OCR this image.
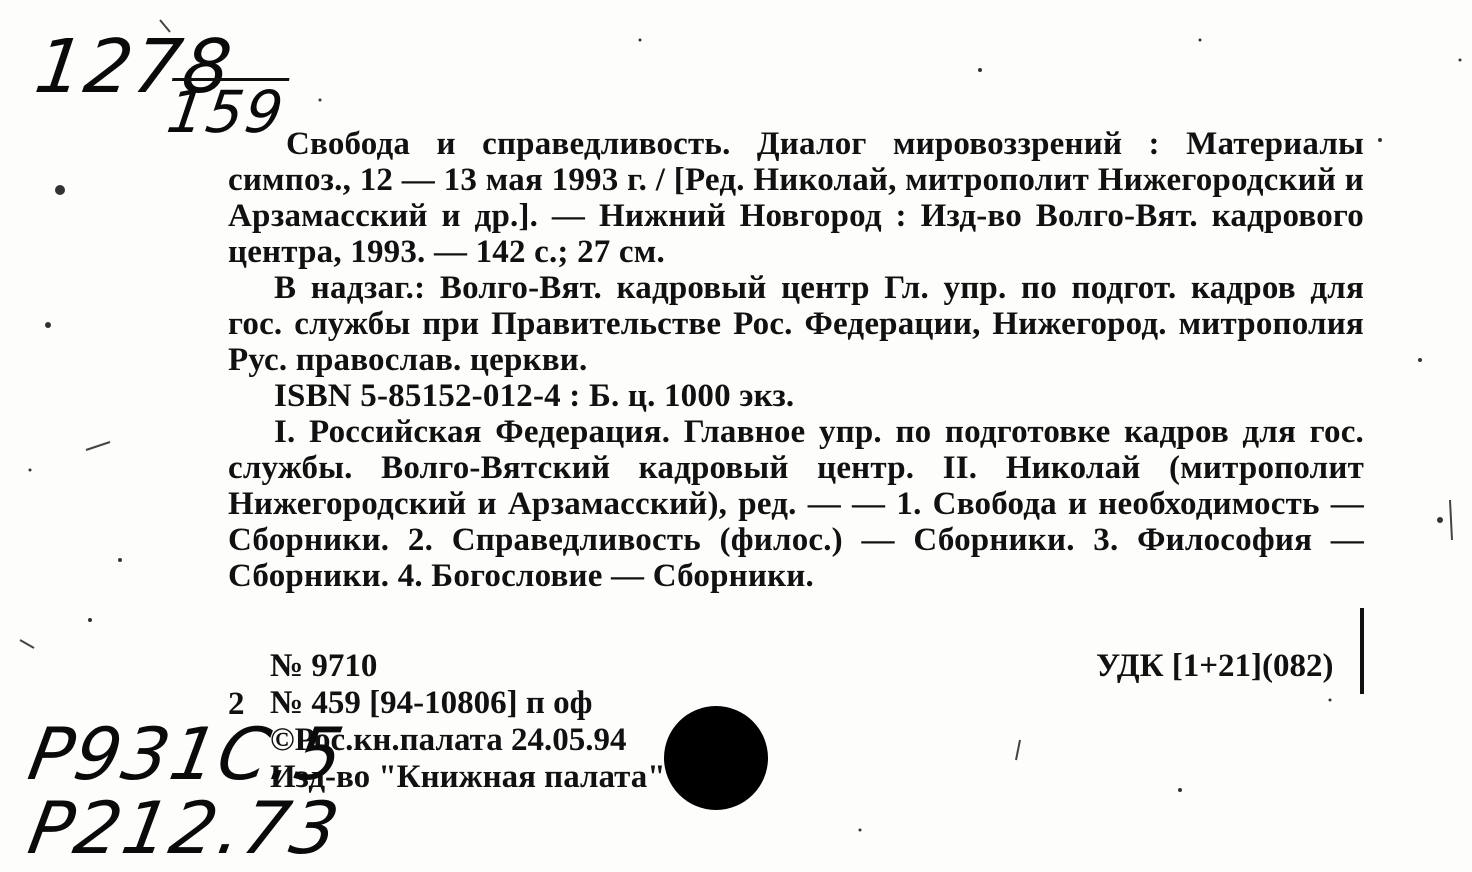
1278
159

Свобода и справедливость. Диалог мировоззрений : Материалы симпоз., 12 — 13 мая 1993 г. / [Ред. Николай, митрополит Нижегородский и Арзамасский и др.]. — Нижний Новгород : Изд-во Волго-Вят. кадрового центра, 1993. — 142 с.; 27 см.

В надзаг.: Волго-Вят. кадровый центр Гл. упр. по подгот. кадров для гос. службы при Правительстве Рос. Федерации, Нижегород. митрополия Рус. православ. церкви.

ISBN 5-85152-012-4 : Б. ц. 1000 экз.

I. Российская Федерация. Главное упр. по подготовке кадров для гос. службы. Волго-Вятский кадровый центр. II. Николай (митрополит Нижегородский и Арзамасский), ред. — — 1. Свобода и необходимость — Сборники. 2. Справедливость (филос.) — Сборники. 3. Философия — Сборники. 4. Богословие — Сборники.

2
№ 9710
№ 459 [94-10806] п оф
©Рос.кн.палата 24.05.94
Изд-во "Книжная палата"
УДК [1+21](082)
P931C.5
P212.73
